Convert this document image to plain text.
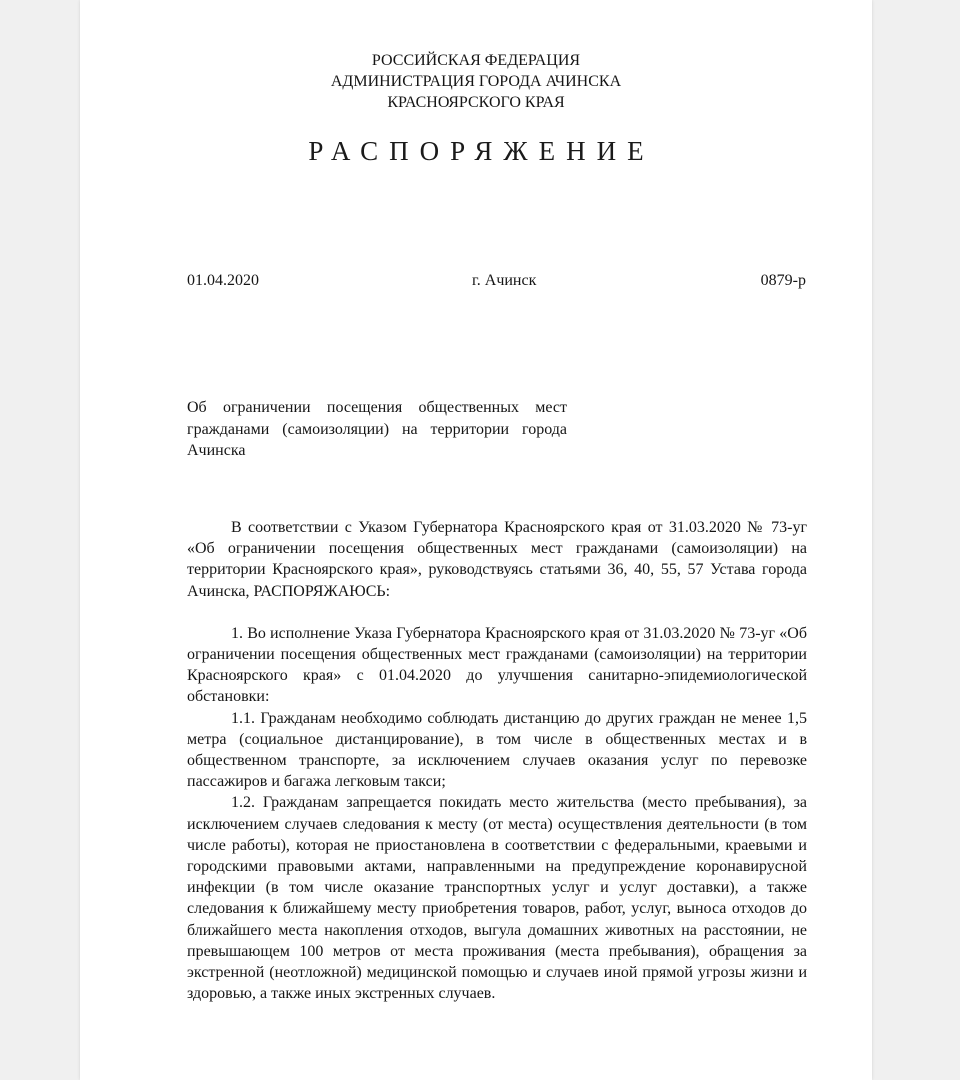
РОССИЙСКАЯ ФЕДЕРАЦИЯ
АДМИНИСТРАЦИЯ ГОРОДА АЧИНСКА
КРАСНОЯРСКОГО КРАЯ
РАСПОРЯЖЕНИЕ
01.04.2020	г. Ачинск	0879-р
Об ограничении посещения общественных мест гражданами (самоизоляции) на территории города Ачинска

В соответствии с Указом Губернатора Красноярского края от 31.03.2020 № 73-уг «Об ограничении посещения общественных мест гражданами (самоизоляции) на территории Красноярского края», руководствуясь статьями 36, 40, 55, 57 Устава города Ачинска, РАСПОРЯЖАЮСЬ:

1. Во исполнение Указа Губернатора Красноярского края от 31.03.2020 № 73-уг «Об ограничении посещения общественных мест гражданами (самоизоляции) на территории Красноярского края» с 01.04.2020 до улучшения санитарно-эпидемиологической обстановки:

1.1. Гражданам необходимо соблюдать дистанцию до других граждан не менее 1,5 метра (социальное дистанцирование), в том числе в общественных местах и в общественном транспорте, за исключением случаев оказания услуг по перевозке пассажиров и багажа легковым такси;

1.2. Гражданам запрещается покидать место жительства (место пребывания), за исключением случаев следования к месту (от места) осуществления деятельности (в том числе работы), которая не приостановлена в соответствии с федеральными, краевыми и городскими правовыми актами, направленными на предупреждение коронавирусной инфекции (в том числе оказание транспортных услуг и услуг доставки), а также следования к ближайшему месту приобретения товаров, работ, услуг, выноса отходов до ближайшего места накопления отходов, выгула домашних животных на расстоянии, не превышающем 100 метров от места проживания (места пребывания), обращения за экстренной (неотложной) медицинской помощью и случаев иной прямой угрозы жизни и здоровью, а также иных экстренных случаев.
